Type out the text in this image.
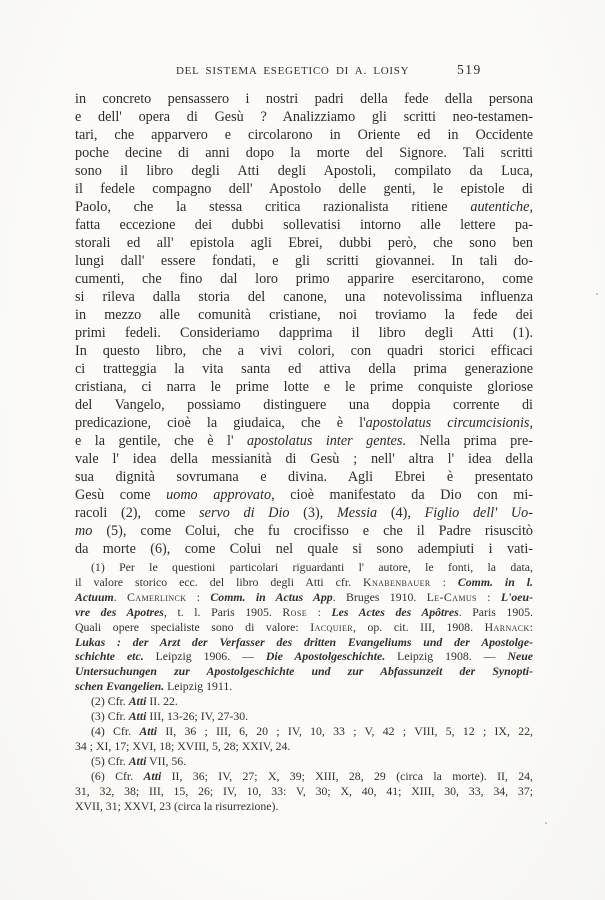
DEL SISTEMA ESEGETICO DI A. LOISY	519
in concreto pensassero i nostri padri della fede della persona
e dell' opera di Gesù ? Analizziamo gli scritti neo-testamen-
tari, che apparvero e circolarono in Oriente ed in Occidente
poche decine di anni dopo la morte del Signore. Tali scritti
sono il libro degli Atti degli Apostoli, compilato da Luca,
il fedele compagno dell' Apostolo delle genti, le epistole di
Paolo, che la stessa critica razionalista ritiene autentiche,
fatta eccezione dei dubbi sollevatisi intorno alle lettere pa-
storali ed all' epistola agli Ebrei, dubbi però, che sono ben
lungi dall' essere fondati, e gli scritti giovannei. In tali do-
cumenti, che fino dal loro primo apparire esercitarono, come
si rileva dalla storia del canone, una notevolissima influenza
in mezzo alle comunità cristiane, noi troviamo la fede dei
primi fedeli. Consideriamo dapprima il libro degli Atti (1).
In questo libro, che a vivi colori, con quadri storici efficaci
ci tratteggia la vita santa ed attiva della prima generazione
cristiana, ci narra le prime lotte e le prime conquiste gloriose
del Vangelo, possiamo distinguere una doppia corrente di
predicazione, cioè la giudaica, che è l'apostolatus circumcisionis,
e la gentile, che è l' apostolatus inter gentes. Nella prima pre-
vale l' idea della messianità di Gesù ; nell' altra l' idea della
sua dignità sovrumana e divina. Agli Ebrei è presentato
Gesù come uomo approvato, cioè manifestato da Dio con mi-
racoli (2), come servo di Dio (3), Messia (4), Figlio dell' Uo-
mo (5), come Colui, che fu crocifisso e che il Padre risuscitò
da morte (6), come Colui nel quale si sono adempiuti i vati-
(1) Per le questioni particolari riguardanti l' autore, le fonti, la data,
il valore storico ecc. del libro degli Atti cfr. Knabenbauer : Comm. in l.
Actuum. Camerlinck : Comm. in Actus App. Bruges 1910. Le-Camus : L'oeu-
vre des Apotres, t. l. Paris 1905. Rose : Les Actes des Apôtres. Paris 1905.
Quali opere specialiste sono di valore: Iacquier, op. cit. III, 1908. Harnack:
Lukas : der Arzt der Verfasser des dritten Evangeliums und der Apostolge-
schichte etc. Leipzig 1906. — Die Apostolgeschichte. Leipzig 1908. — Neue
Untersuchungen zur Apostolgeschichte und zur Abfassunzeit der Synopti-
schen Evangelien. Leipzig 1911.
(2) Cfr. Atti II. 22.
(3) Cfr. Atti III, 13-26; IV, 27-30.
(4) Cfr. Atti II, 36 ; III, 6, 20 ; IV, 10, 33 ; V, 42 ; VIII, 5, 12 ; IX, 22,
34 ; XI, 17; XVI, 18; XVIII, 5, 28; XXIV, 24.
(5) Cfr. Atti VII, 56.
(6) Cfr. Atti II, 36; IV, 27; X, 39; XIII, 28, 29 (circa la morte). II, 24,
31, 32, 38; III, 15, 26; IV, 10, 33: V, 30; X, 40, 41; XIII, 30, 33, 34, 37;
XVII, 31; XXVI, 23 (circa la risurrezione).
